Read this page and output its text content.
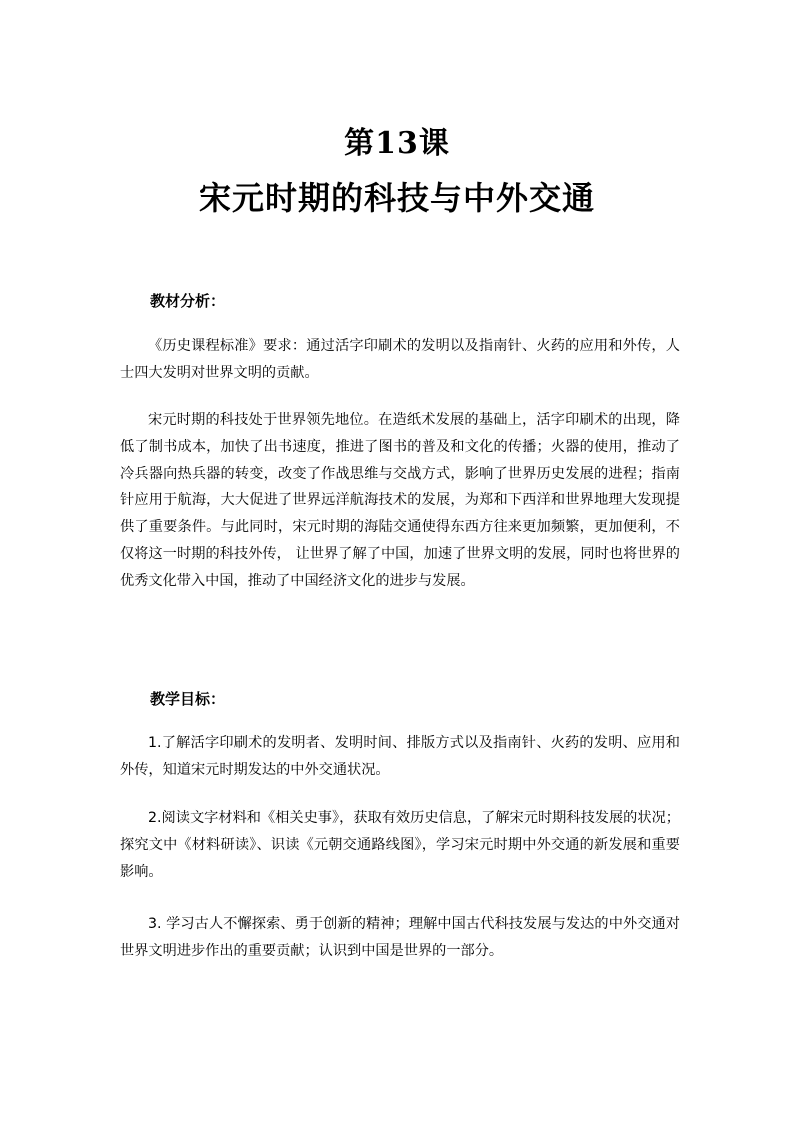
第13课
宋元时期的科技与中外交通
教材分析：

《历史课程标准》要求：通过活字印刷术的发明以及指南针、火药的应用和外传，人士四大发明对世界文明的贡献。

宋元时期的科技处于世界领先地位。在造纸术发展的基础上，活字印刷术的出现，降低了制书成本，加快了出书速度，推进了图书的普及和文化的传播；火器的使用，推动了冷兵器向热兵器的转变，改变了作战思维与交战方式，影响了世界历史发展的进程；指南针应用于航海，大大促进了世界远洋航海技术的发展，为郑和下西洋和世界地理大发现提供了重要条件。与此同时，宋元时期的海陆交通使得东西方往来更加频繁，更加便利，不仅将这一时期的科技外传， 让世界了解了中国，加速了世界文明的发展，同时也将世界的优秀文化带入中国，推动了中国经济文化的进步与发展。

教学目标：

1.了解活字印刷术的发明者、发明时间、排版方式以及指南针、火药的发明、应用和外传，知道宋元时期发达的中外交通状况。

2.阅读文字材料和《相关史事》，获取有效历史信息，了解宋元时期科技发展的状况；探究文中《材料研读》、识读《元朝交通路线图》，学习宋元时期中外交通的新发展和重要影响。

3. 学习古人不懈探索、勇于创新的精神；理解中国古代科技发展与发达的中外交通对世界文明进步作出的重要贡献；认识到中国是世界的一部分。
